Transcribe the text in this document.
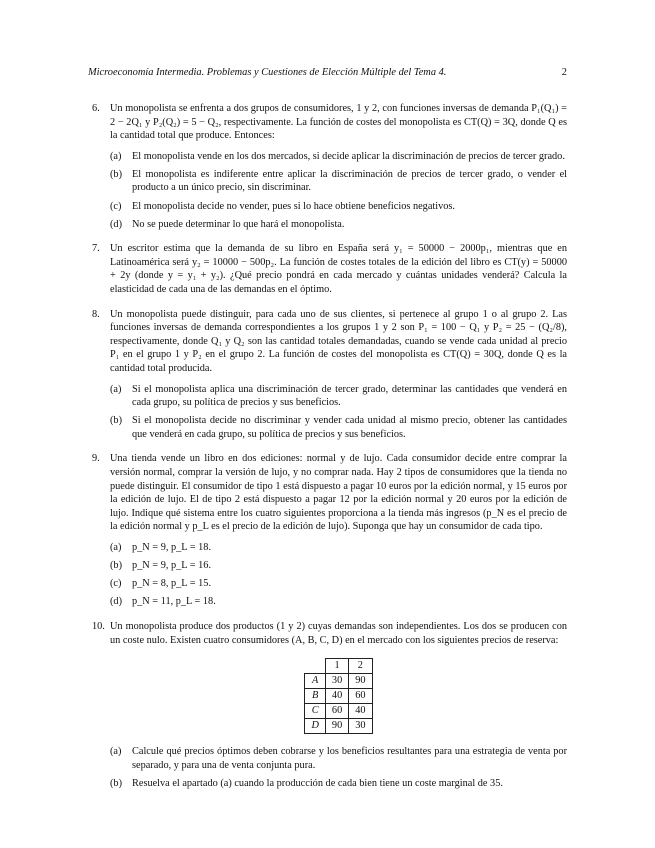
Microeconomía Intermedia. Problemas y Cuestiones de Elección Múltiple del Tema 4.	2
6. Un monopolista se enfrenta a dos grupos de consumidores, 1 y 2, con funciones inversas de demanda P₁(Q₁) = 2 − 2Q₁ y P₂(Q₂) = 5 − Q₂, respectivamente. La función de costes del monopolista es CT(Q) = 3Q, donde Q es la cantidad total que produce. Entonces:
(a) El monopolista vende en los dos mercados, si decide aplicar la discriminación de precios de tercer grado.
(b) El monopolista es indiferente entre aplicar la discriminación de precios de tercer grado, o vender el producto a un único precio, sin discriminar.
(c) El monopolista decide no vender, pues si lo hace obtiene beneficios negativos.
(d) No se puede determinar lo que hará el monopolista.
7. Un escritor estima que la demanda de su libro en España será y₁ = 50000 − 2000p₁, mientras que en Latinoamérica será y₂ = 10000 − 500p₂. La función de costes totales de la edición del libro es CT(y) = 50000 + 2y (donde y = y₁ + y₂). ¿Qué precio pondrá en cada mercado y cuántas unidades venderá? Calcula la elasticidad de cada una de las demandas en el óptimo.
8. Un monopolista puede distinguir, para cada uno de sus clientes, si pertenece al grupo 1 o al grupo 2. Las funciones inversas de demanda correspondientes a los grupos 1 y 2 son P₁ = 100 − Q₁ y P₂ = 25 − (Q₂/8), respectivamente, donde Q₁ y Q₂ son las cantidad totales demandadas, cuando se vende cada unidad al precio P₁ en el grupo 1 y P₂ en el grupo 2. La función de costes del monopolista es CT(Q) = 30Q, donde Q es la cantidad total producida.
(a) Si el monopolista aplica una discriminación de tercer grado, determinar las cantidades que venderá en cada grupo, su política de precios y sus beneficios.
(b) Si el monopolista decide no discriminar y vender cada unidad al mismo precio, obtener las cantidades que venderá en cada grupo, su política de precios y sus beneficios.
9. Una tienda vende un libro en dos ediciones: normal y de lujo. Cada consumidor decide entre comprar la versión normal, comprar la versión de lujo, y no comprar nada. Hay 2 tipos de consumidores que la tienda no puede distinguir. El consumidor de tipo 1 está dispuesto a pagar 10 euros por la edición normal, y 15 euros por la edición de lujo. El de tipo 2 está dispuesto a pagar 12 por la edición normal y 20 euros por la edición de lujo. Indique qué sistema entre los cuatro siguientes proporciona a la tienda más ingresos (p_N es el precio de la edición normal y p_L es el precio de la edición de lujo). Suponga que hay un consumidor de cada tipo.
(a) p_N = 9, p_L = 18.
(b) p_N = 9, p_L = 16.
(c) p_N = 8, p_L = 15.
(d) p_N = 11, p_L = 18.
10. Un monopolista produce dos productos (1 y 2) cuyas demandas son independientes. Los dos se producen con un coste nulo. Existen cuatro consumidores (A, B, C, D) en el mercado con los siguientes precios de reserva:
	1	2
A	30	90
B	40	60
C	60	40
D	90	30
(a) Calcule qué precios óptimos deben cobrarse y los beneficios resultantes para una estrategia de venta por separado, y para una de venta conjunta pura.
(b) Resuelva el apartado (a) cuando la producción de cada bien tiene un coste marginal de 35.
